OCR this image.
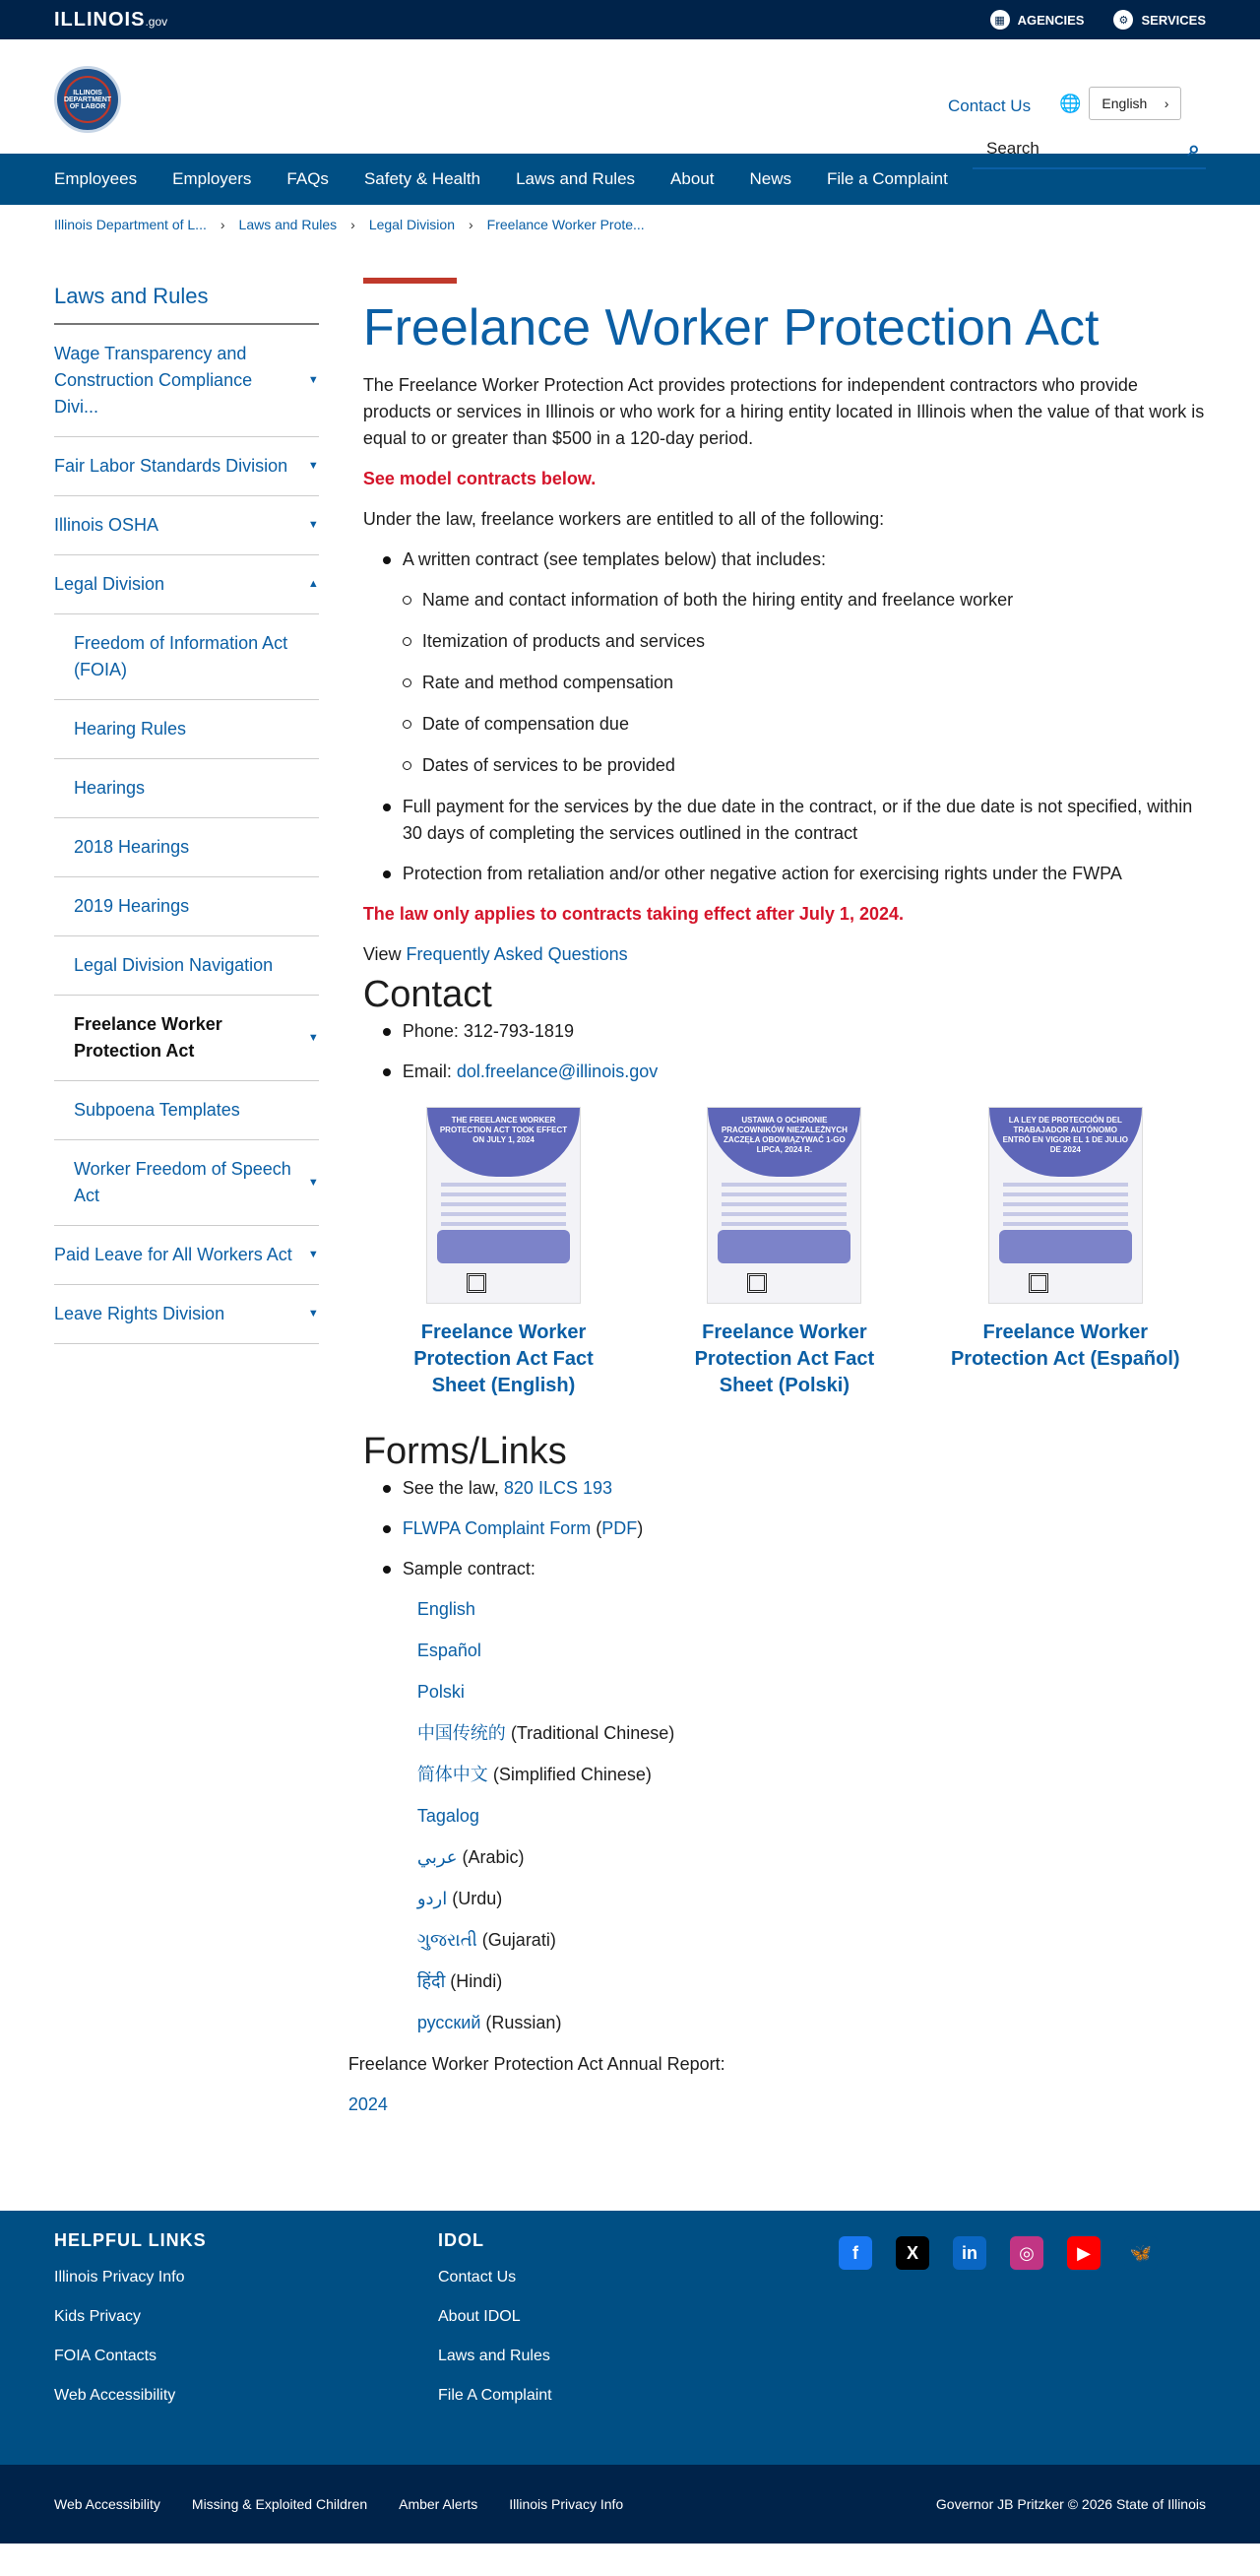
ILLINOIS.gov	▦ AGENCIES	⚙	SERVICES
ILLINOIS DEPARTMENT OF LABOR	Contact Us 🌐 English ›
Search	⌕
Employees Employers FAQs Safety & Health Laws and Rules About News File a Complaint
Illinois Department of L... › Laws and Rules › Legal Division › Freelance Worker Prote...
Laws and Rules
Wage Transparency and Construction Compliance Divi...
▼
Fair Labor Standards Division ▼
Illinois OSHA	▼
Legal Division	▲
Freedom of Information Act (FOIA)
Hearing Rules
Hearings
2018 Hearings
2019 Hearings
Legal Division Navigation
Freelance Worker Protection Act
▼
Subpoena Templates
Worker Freedom of Speech Act
▼
Paid Leave for All Workers Act ▼
Leave Rights Division	▼
Freelance Worker Protection Act

The Freelance Worker Protection Act provides protections for independent contractors who provide products or services in Illinois or who work for a hiring entity located in Illinois when the value of that work is equal to or greater than $500 in a 120-day period.

See model contracts below.

Under the law, freelance workers are entitled to all of the following:

A written contract (see templates below) that includes:
Name and contact information of both the hiring entity and freelance worker
Itemization of products and services
Rate and method compensation
Date of compensation due
Dates of services to be provided
Full payment for the services by the due date in the contract, or if the due date is not specified, within 30 days of completing the services outlined in the contract
Protection from retaliation and/or other negative action for exercising rights under the FWPA

The law only applies to contracts taking effect after July 1, 2024.

View Frequently Asked Questions

Contact
Phone: 312-793-1819
Email: dol.freelance@illinois.gov
THE FREELANCE WORKER PROTECTION ACT TOOK EFFECT ON JULY 1, 2024
Freelance Worker Protection Act Fact Sheet (English)
USTAWA O OCHRONIE PRACOWNIKÓW NIEZALEŻNYCH ZACZĘŁA OBOWIĄZYWAĆ 1-GO LIPCA, 2024 R.
Freelance Worker Protection Act Fact Sheet (Polski)
LA LEY DE PROTECCIÓN DEL TRABAJADOR AUTÓNOMO ENTRÓ EN VIGOR EL 1 DE JULIO DE 2024
Freelance Worker Protection Act (Español)
Forms/Links
See the law, 820 ILCS 193
FLWPA Complaint Form (PDF)
Sample contract:
English
Español
Polski
中国传统的 (Traditional Chinese)
简体中文 (Simplified Chinese)
Tagalog
عربي (Arabic)
اردو (Urdu)
ગુજરાતી (Gujarati)
हिंदी (Hindi)
русский (Russian)

Freelance Worker Protection Act Annual Report:

2024

HELPFUL LINKS
Illinois Privacy Info
Kids Privacy
FOIA Contacts
Web Accessibility
IDOL
Contact Us
About IDOL
Laws and Rules
File A Complaint
f	X	in	◎	▶	🦋
Web Accessibility Missing & Exploited Children Amber Alerts Illinois Privacy Info	Governor JB Pritzker © 2026 State of Illinois
